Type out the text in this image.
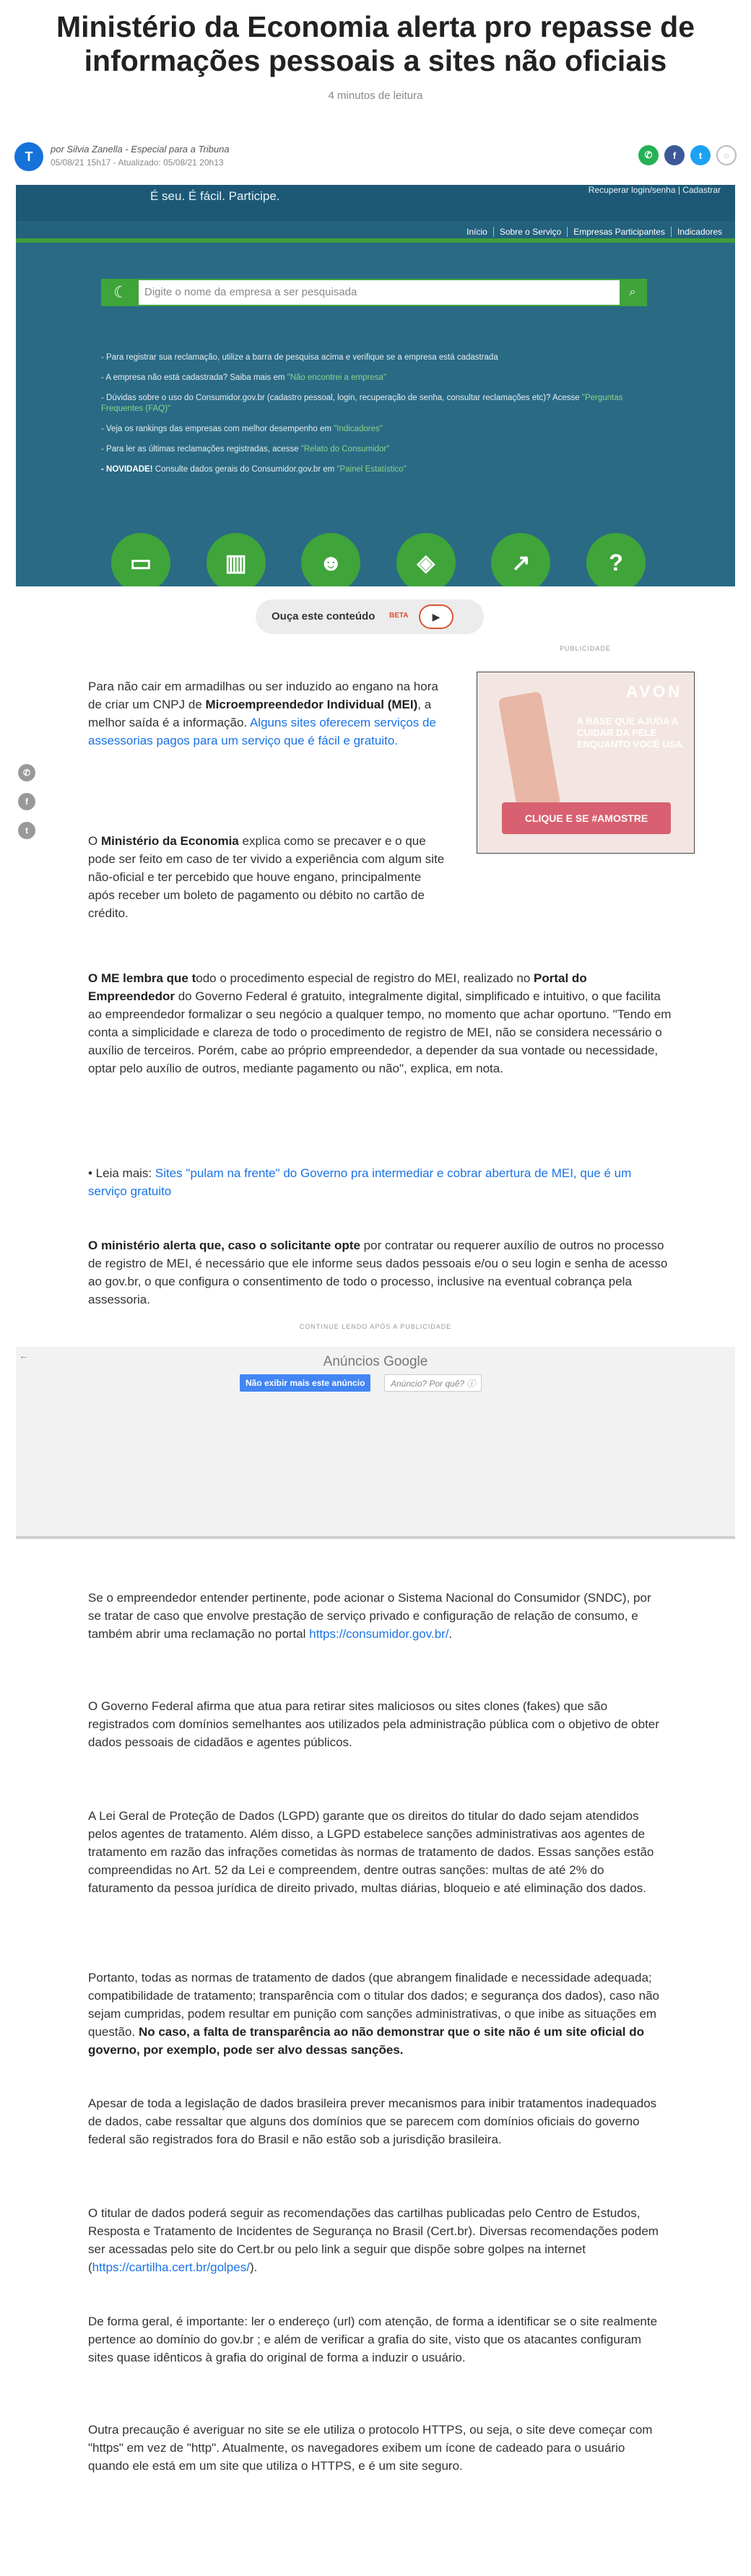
Ministério da Economia alerta pro repasse de informações pessoais a sites não oficiais
4 minutos de leitura
T	por Silvia Zanella - Especial para a Tribuna
05/08/21 15h17 - Atualizado: 05/08/21 20h13
✆	f	t	○
É seu. É fácil. Participe.	Recuperar login/senha | Cadastrar
Início	Sobre o Serviço	Empresas Participantes	Indicadores
☾	Digite o nome da empresa a ser pesquisada	⌕
- Para registrar sua reclamação, utilize a barra de pesquisa acima e verifique se a empresa está cadastrada
- A empresa não está cadastrada? Saiba mais em "Não encontrei a empresa"
- Dúvidas sobre o uso do Consumidor.gov.br (cadastro pessoal, login, recuperação de senha, consultar reclamações etc)? Acesse "Perguntas Frequentes (FAQ)"
- Veja os rankings das empresas com melhor desempenho em "Indicadores"
- Para ler as últimas reclamações registradas, acesse "Relato do Consumidor"
- NOVIDADE! Consulte dados gerais do Consumidor.gov.br em "Painel Estatístico"
▭	▥	☻	◈	↗	?
Ouça este conteúdo BETA	▶
PUBLICIDADE
AVON
A BASE QUE AJUDA A CUIDAR DA PELE ENQUANTO VOCÊ USA.
CLIQUE E SE #AMOSTRE
✆
f
t

Para não cair em armadilhas ou ser induzido ao engano na hora de criar um CNPJ de Microempreendedor Individual (MEI), a melhor saída é a informação. Alguns sites oferecem serviços de assessorias pagos para um serviço que é fácil e gratuito.

O Ministério da Economia explica como se precaver e o que pode ser feito em caso de ter vivido a experiência com algum site não-oficial e ter percebido que houve engano, principalmente após receber um boleto de pagamento ou débito no cartão de crédito.

O ME lembra que todo o procedimento especial de registro do MEI, realizado no Portal do Empreendedor do Governo Federal é gratuito, integralmente digital, simplificado e intuitivo, o que facilita ao empreendedor formalizar o seu negócio a qualquer tempo, no momento que achar oportuno. "Tendo em conta a simplicidade e clareza de todo o procedimento de registro de MEI, não se considera necessário o auxílio de terceiros. Porém, cabe ao próprio empreendedor, a depender da sua vontade ou necessidade, optar pelo auxílio de outros, mediante pagamento ou não", explica, em nota.

• Leia mais: Sites "pulam na frente" do Governo pra intermediar e cobrar abertura de MEI, que é um serviço gratuito

O ministério alerta que, caso o solicitante opte por contratar ou requerer auxílio de outros no processo de registro de MEI, é necessário que ele informe seus dados pessoais e/ou o seu login e senha de acesso ao gov.br, o que configura o consentimento de todo o processo, inclusive na eventual cobrança pela assessoria.

CONTINUE LENDO APÓS A PUBLICIDADE
←	Anúncios Google
Não exibir mais este anúncio	Anúncio? Por quê? ⓘ

Se o empreendedor entender pertinente, pode acionar o Sistema Nacional do Consumidor (SNDC), por se tratar de caso que envolve prestação de serviço privado e configuração de relação de consumo, e também abrir uma reclamação no portal https://consumidor.gov.br/.

O Governo Federal afirma que atua para retirar sites maliciosos ou sites clones (fakes) que são registrados com domínios semelhantes aos utilizados pela administração pública com o objetivo de obter dados pessoais de cidadãos e agentes públicos.

A Lei Geral de Proteção de Dados (LGPD) garante que os direitos do titular do dado sejam atendidos pelos agentes de tratamento. Além disso, a LGPD estabelece sanções administrativas aos agentes de tratamento em razão das infrações cometidas às normas de tratamento de dados. Essas sanções estão compreendidas no Art. 52 da Lei e compreendem, dentre outras sanções: multas de até 2% do faturamento da pessoa jurídica de direito privado, multas diárias, bloqueio e até eliminação dos dados.

Portanto, todas as normas de tratamento de dados (que abrangem finalidade e necessidade adequada; compatibilidade de tratamento; transparência com o titular dos dados; e segurança dos dados), caso não sejam cumpridas, podem resultar em punição com sanções administrativas, o que inibe as situações em questão. No caso, a falta de transparência ao não demonstrar que o site não é um site oficial do governo, por exemplo, pode ser alvo dessas sanções.

Apesar de toda a legislação de dados brasileira prever mecanismos para inibir tratamentos inadequados de dados, cabe ressaltar que alguns dos domínios que se parecem com domínios oficiais do governo federal são registrados fora do Brasil e não estão sob a jurisdição brasileira.

O titular de dados poderá seguir as recomendações das cartilhas publicadas pelo Centro de Estudos, Resposta e Tratamento de Incidentes de Segurança no Brasil (Cert.br). Diversas recomendações podem ser acessadas pelo site do Cert.br ou pelo link a seguir que dispõe sobre golpes na internet (https://cartilha.cert.br/golpes/).

De forma geral, é importante: ler o endereço (url) com atenção, de forma a identificar se o site realmente pertence ao domínio do gov.br ; e além de verificar a grafia do site, visto que os atacantes configuram sites quase idênticos à grafia do original de forma a induzir o usuário.

Outra precaução é averiguar no site se ele utiliza o protocolo HTTPS, ou seja, o site deve começar com "https" em vez de "http". Atualmente, os navegadores exibem um ícone de cadeado para o usuário quando ele está em um site que utiliza o HTTPS, e é um site seguro.
